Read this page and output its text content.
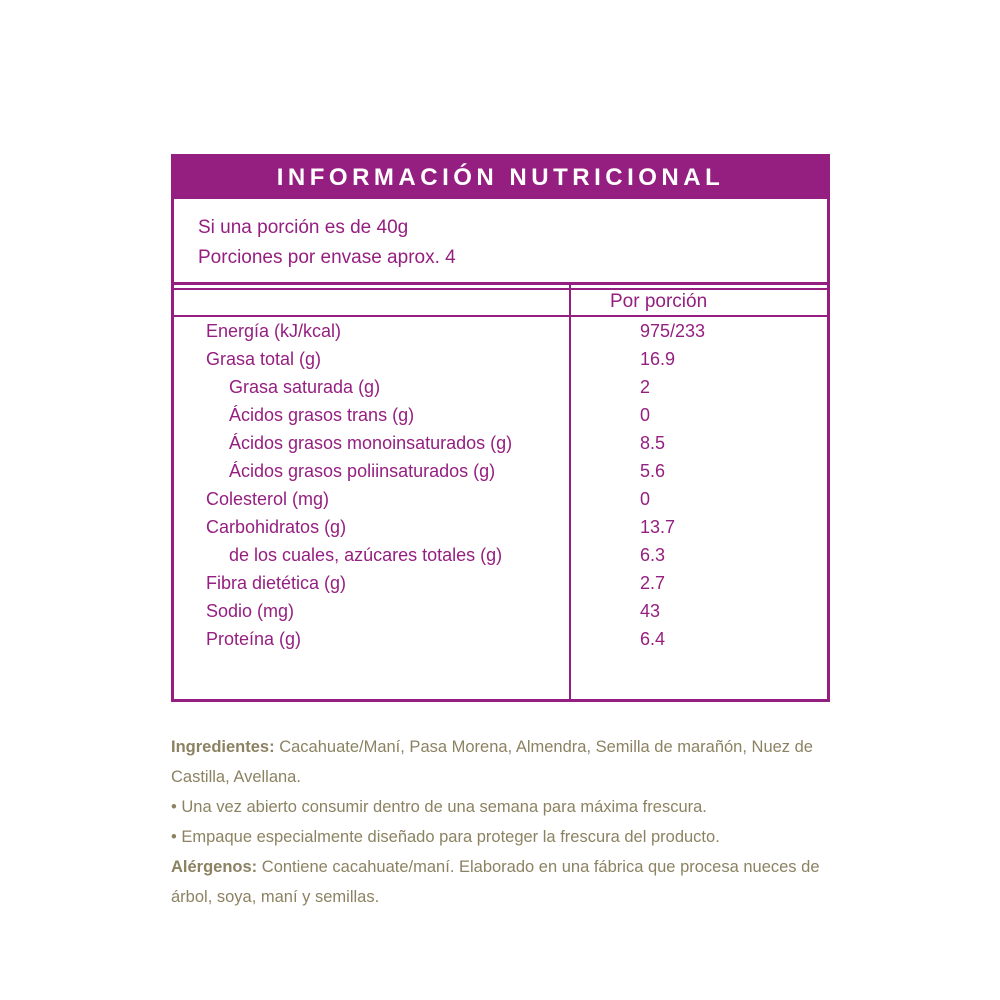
INFORMACIÓN NUTRICIONAL
Si una porción es de 40g
Porciones por envase aprox. 4
Por porción
Energía (kJ/kcal)	975/233
Grasa total (g)	16.9
Grasa saturada (g)	2
Ácidos grasos trans (g)	0
Ácidos grasos monoinsaturados (g)	8.5
Ácidos grasos poliinsaturados (g)	5.6
Colesterol (mg)	0
Carbohidratos (g)	13.7
de los cuales, azúcares totales (g)	6.3
Fibra dietética (g)	2.7
Sodio (mg)	43
Proteína (g)	6.4

Ingredientes: Cacahuate/Maní, Pasa Morena, Almendra, Semilla de marañón, Nuez de Castilla, Avellana.

• Una vez abierto consumir dentro de una semana para máxima frescura.

• Empaque especialmente diseñado para proteger la frescura del producto.

Alérgenos: Contiene cacahuate/maní. Elaborado en una fábrica que procesa nueces de árbol, soya, maní y semillas.
